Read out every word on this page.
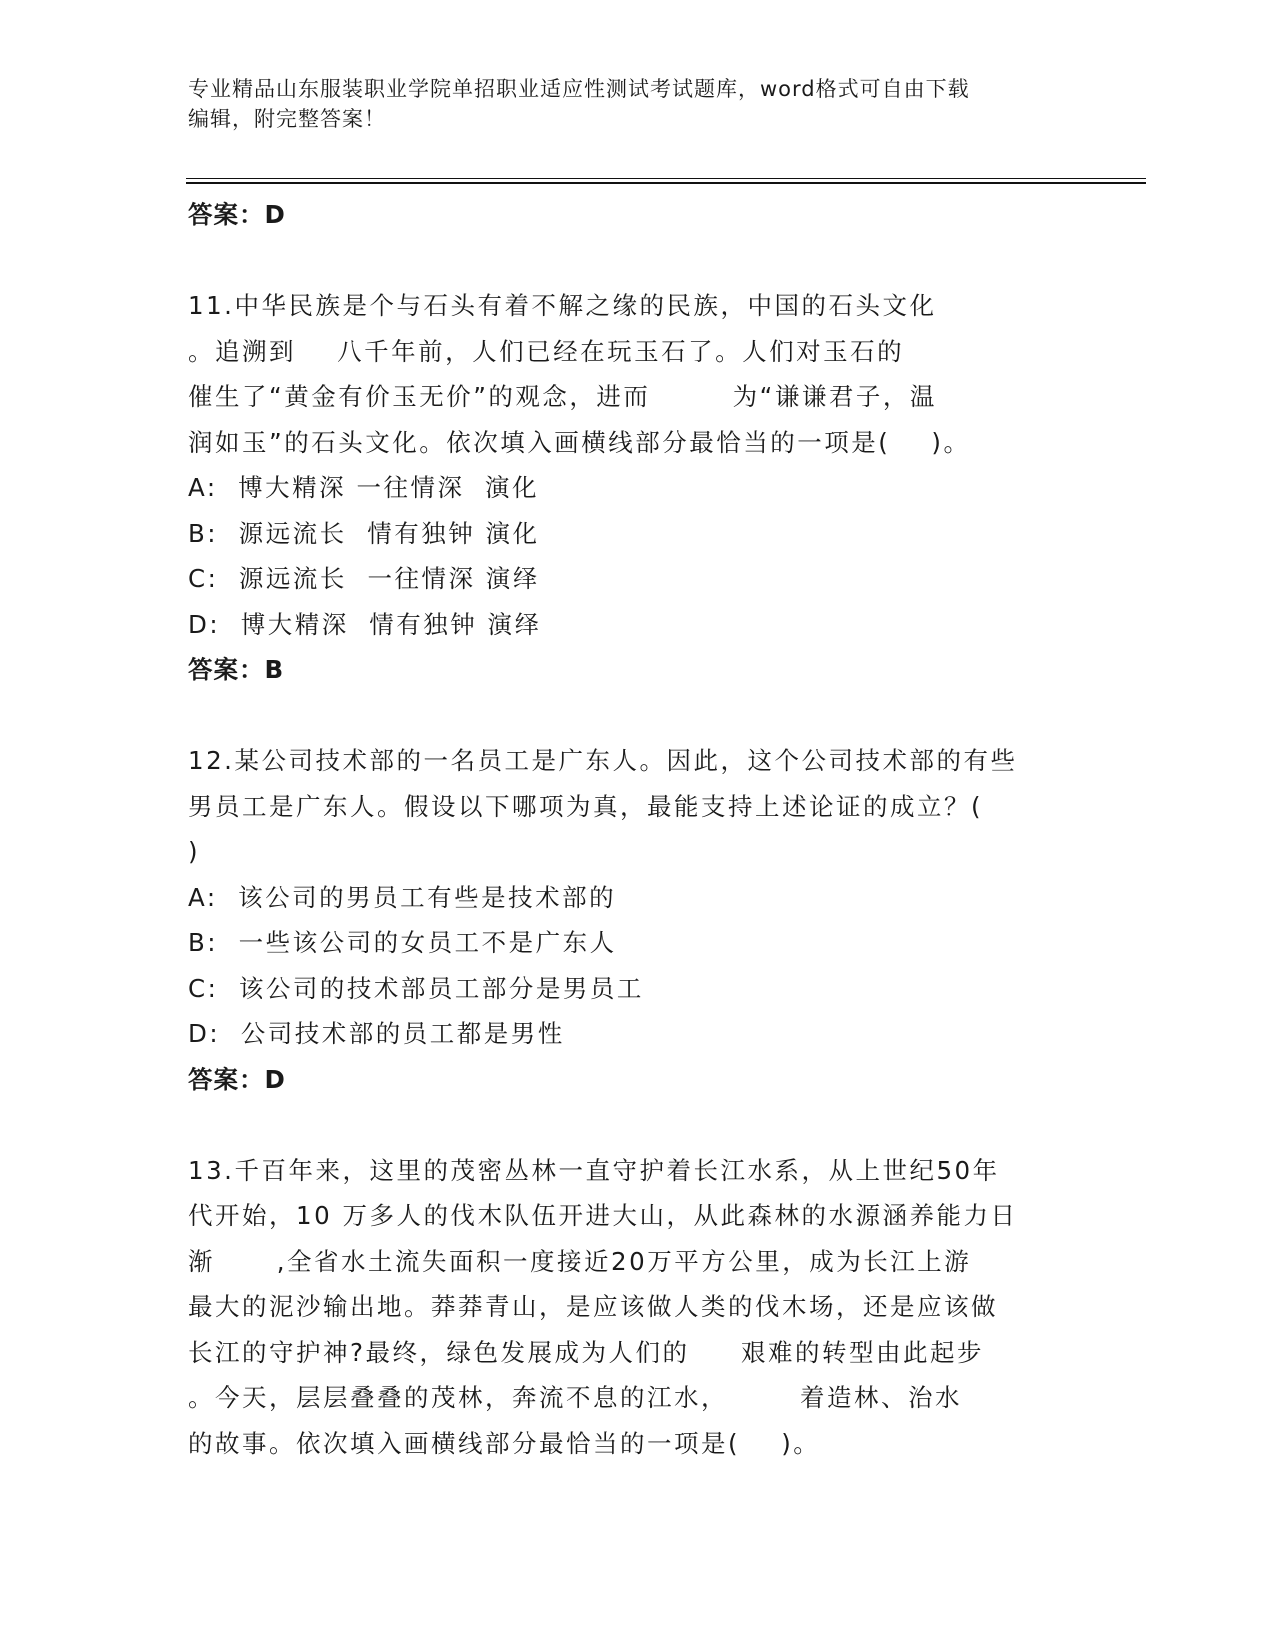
专业精品山东服装职业学院单招职业适应性测试考试题库，word格式可自由下载
编辑，附完整答案！
答案：D
11.中华民族是个与石头有着不解之缘的民族，中国的石头文化
。追溯到    八千年前，人们已经在玩玉石了。人们对玉石的
催生了“黄金有价玉无价”的观念，进而        为“谦谦君子，温
润如玉”的石头文化。依次填入画横线部分最恰当的一项是(    )。
A:  博大精深 一往情深  演化
B:  源远流长  情有独钟 演化
C:  源远流长  一往情深 演绎
D:  博大精深  情有独钟 演绎
答案：B
12.某公司技术部的一名员工是广东人。因此，这个公司技术部的有些
男员工是广东人。假设以下哪项为真，最能支持上述论证的成立？(
)
A:  该公司的男员工有些是技术部的
B:  一些该公司的女员工不是广东人
C:  该公司的技术部员工部分是男员工
D:  公司技术部的员工都是男性
答案：D
13.千百年来，这里的茂密丛林一直守护着长江水系，从上世纪50年
代开始，10 万多人的伐木队伍开进大山，从此森林的水源涵养能力日
渐      ,全省水土流失面积一度接近20万平方公里，成为长江上游
最大的泥沙输出地。莽莽青山，是应该做人类的伐木场，还是应该做
长江的守护神?最终，绿色发展成为人们的     艰难的转型由此起步
。今天，层层叠叠的茂林，奔流不息的江水，       着造林、治水
的故事。依次填入画横线部分最恰当的一项是(    )。
